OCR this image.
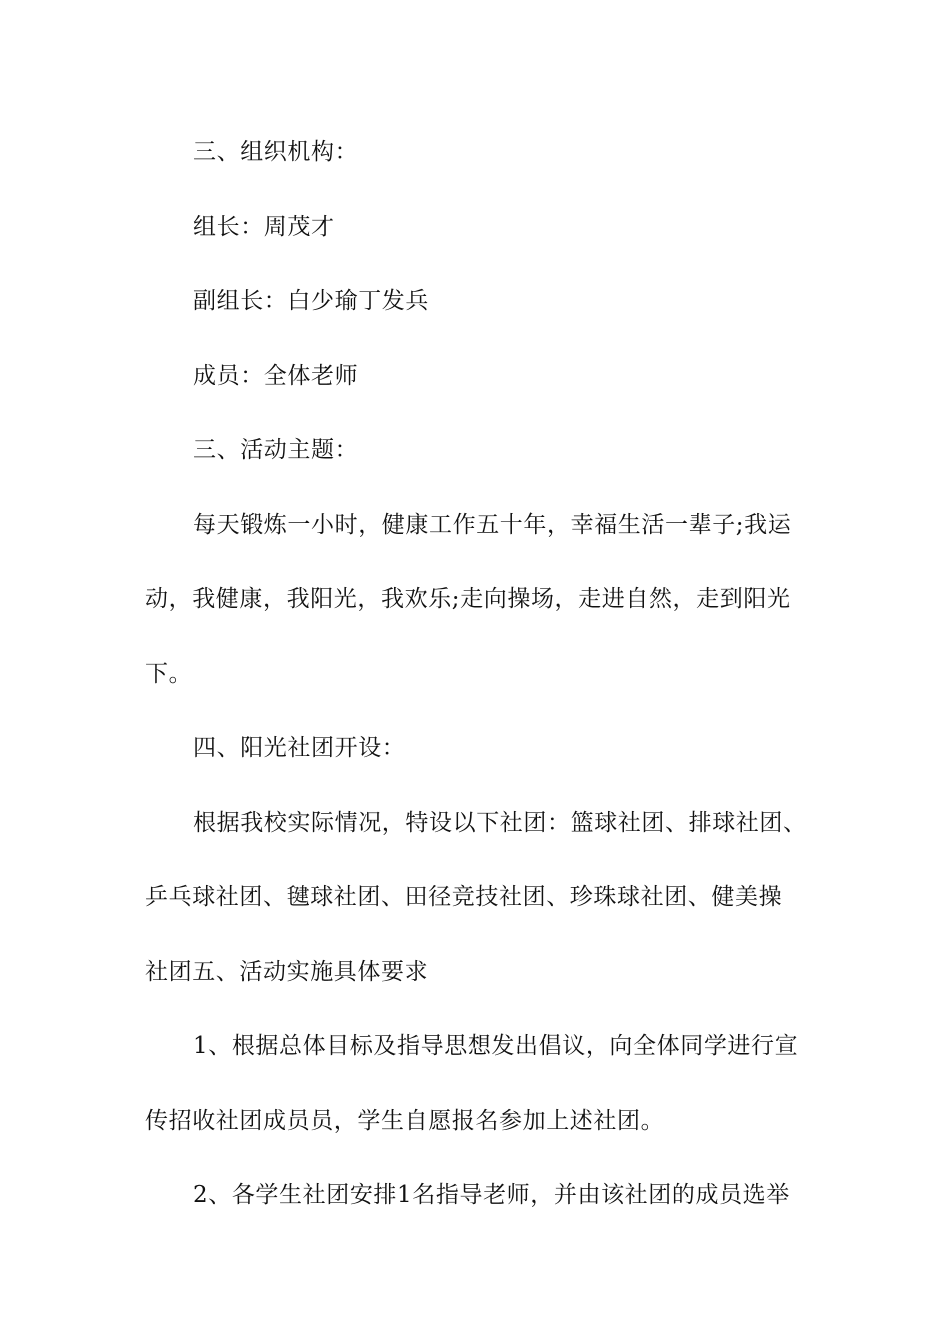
三、组织机构：
组长：周茂才
副组长：白少瑜丁发兵
成员：全体老师
三、活动主题：
每天锻炼一小时，健康工作五十年，幸福生活一辈子;我运
动，我健康，我阳光，我欢乐;走向操场，走进自然，走到阳光
下。
四、阳光社团开设：
根据我校实际情况，特设以下社团：篮球社团、排球社团、
乒乓球社团、毽球社团、田径竞技社团、珍珠球社团、健美操
社团五、活动实施具体要求
1、根据总体目标及指导思想发出倡议，向全体同学进行宣
传招收社团成员员，学生自愿报名参加上述社团。
2、各学生社团安排1名指导老师，并由该社团的成员选举
